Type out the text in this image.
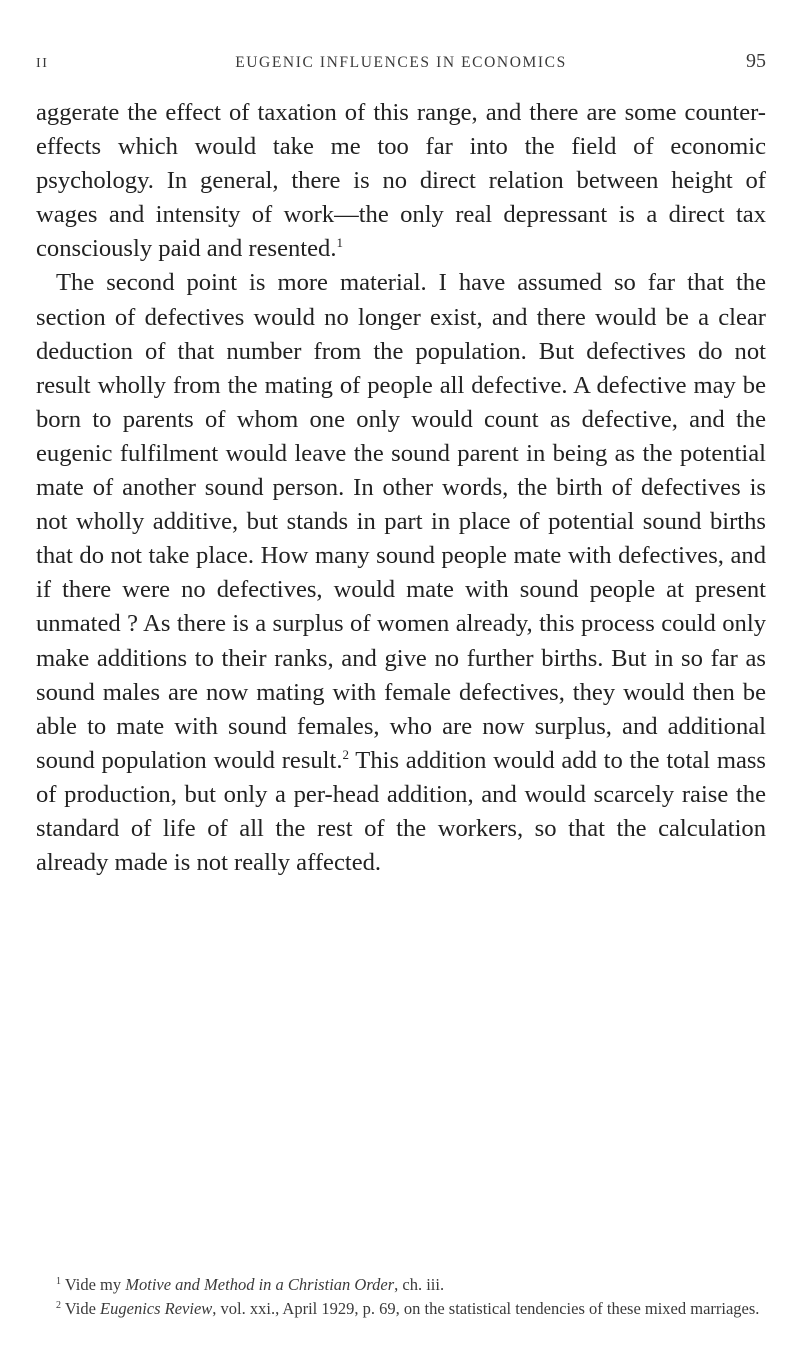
II	EUGENIC INFLUENCES IN ECONOMICS	95

aggerate the effect of taxation of this range, and there are some counter-effects which would take me too far into the field of economic psychology. In general, there is no direct relation between height of wages and intensity of work—the only real depressant is a direct tax consciously paid and resented.$^1$

The second point is more material. I have assumed so far that the section of defectives would no longer exist, and there would be a clear deduction of that number from the population. But defectives do not result wholly from the mating of people all defective. A defective may be born to parents of whom one only would count as defective, and the eugenic fulfilment would leave the sound parent in being as the potential mate of another sound person. In other words, the birth of defectives is not wholly additive, but stands in part in place of potential sound births that do not take place. How many sound people mate with defectives, and if there were no defectives, would mate with sound people at present unmated ? As there is a surplus of women already, this process could only make additions to their ranks, and give no further births. But in so far as sound males are now mating with female defectives, they would then be able to mate with sound females, who are now surplus, and additional sound population would result.$^2$ This addition would add to the total mass of production, but only a per-head addition, and would scarcely raise the standard of life of all the rest of the workers, so that the calculation already made is not really affected.

$^1$ Vide my Motive and Method in a Christian Order, ch. iii.

$^2$ Vide Eugenics Review, vol. xxi., April 1929, p. 69, on the statistical tendencies of these mixed marriages.
